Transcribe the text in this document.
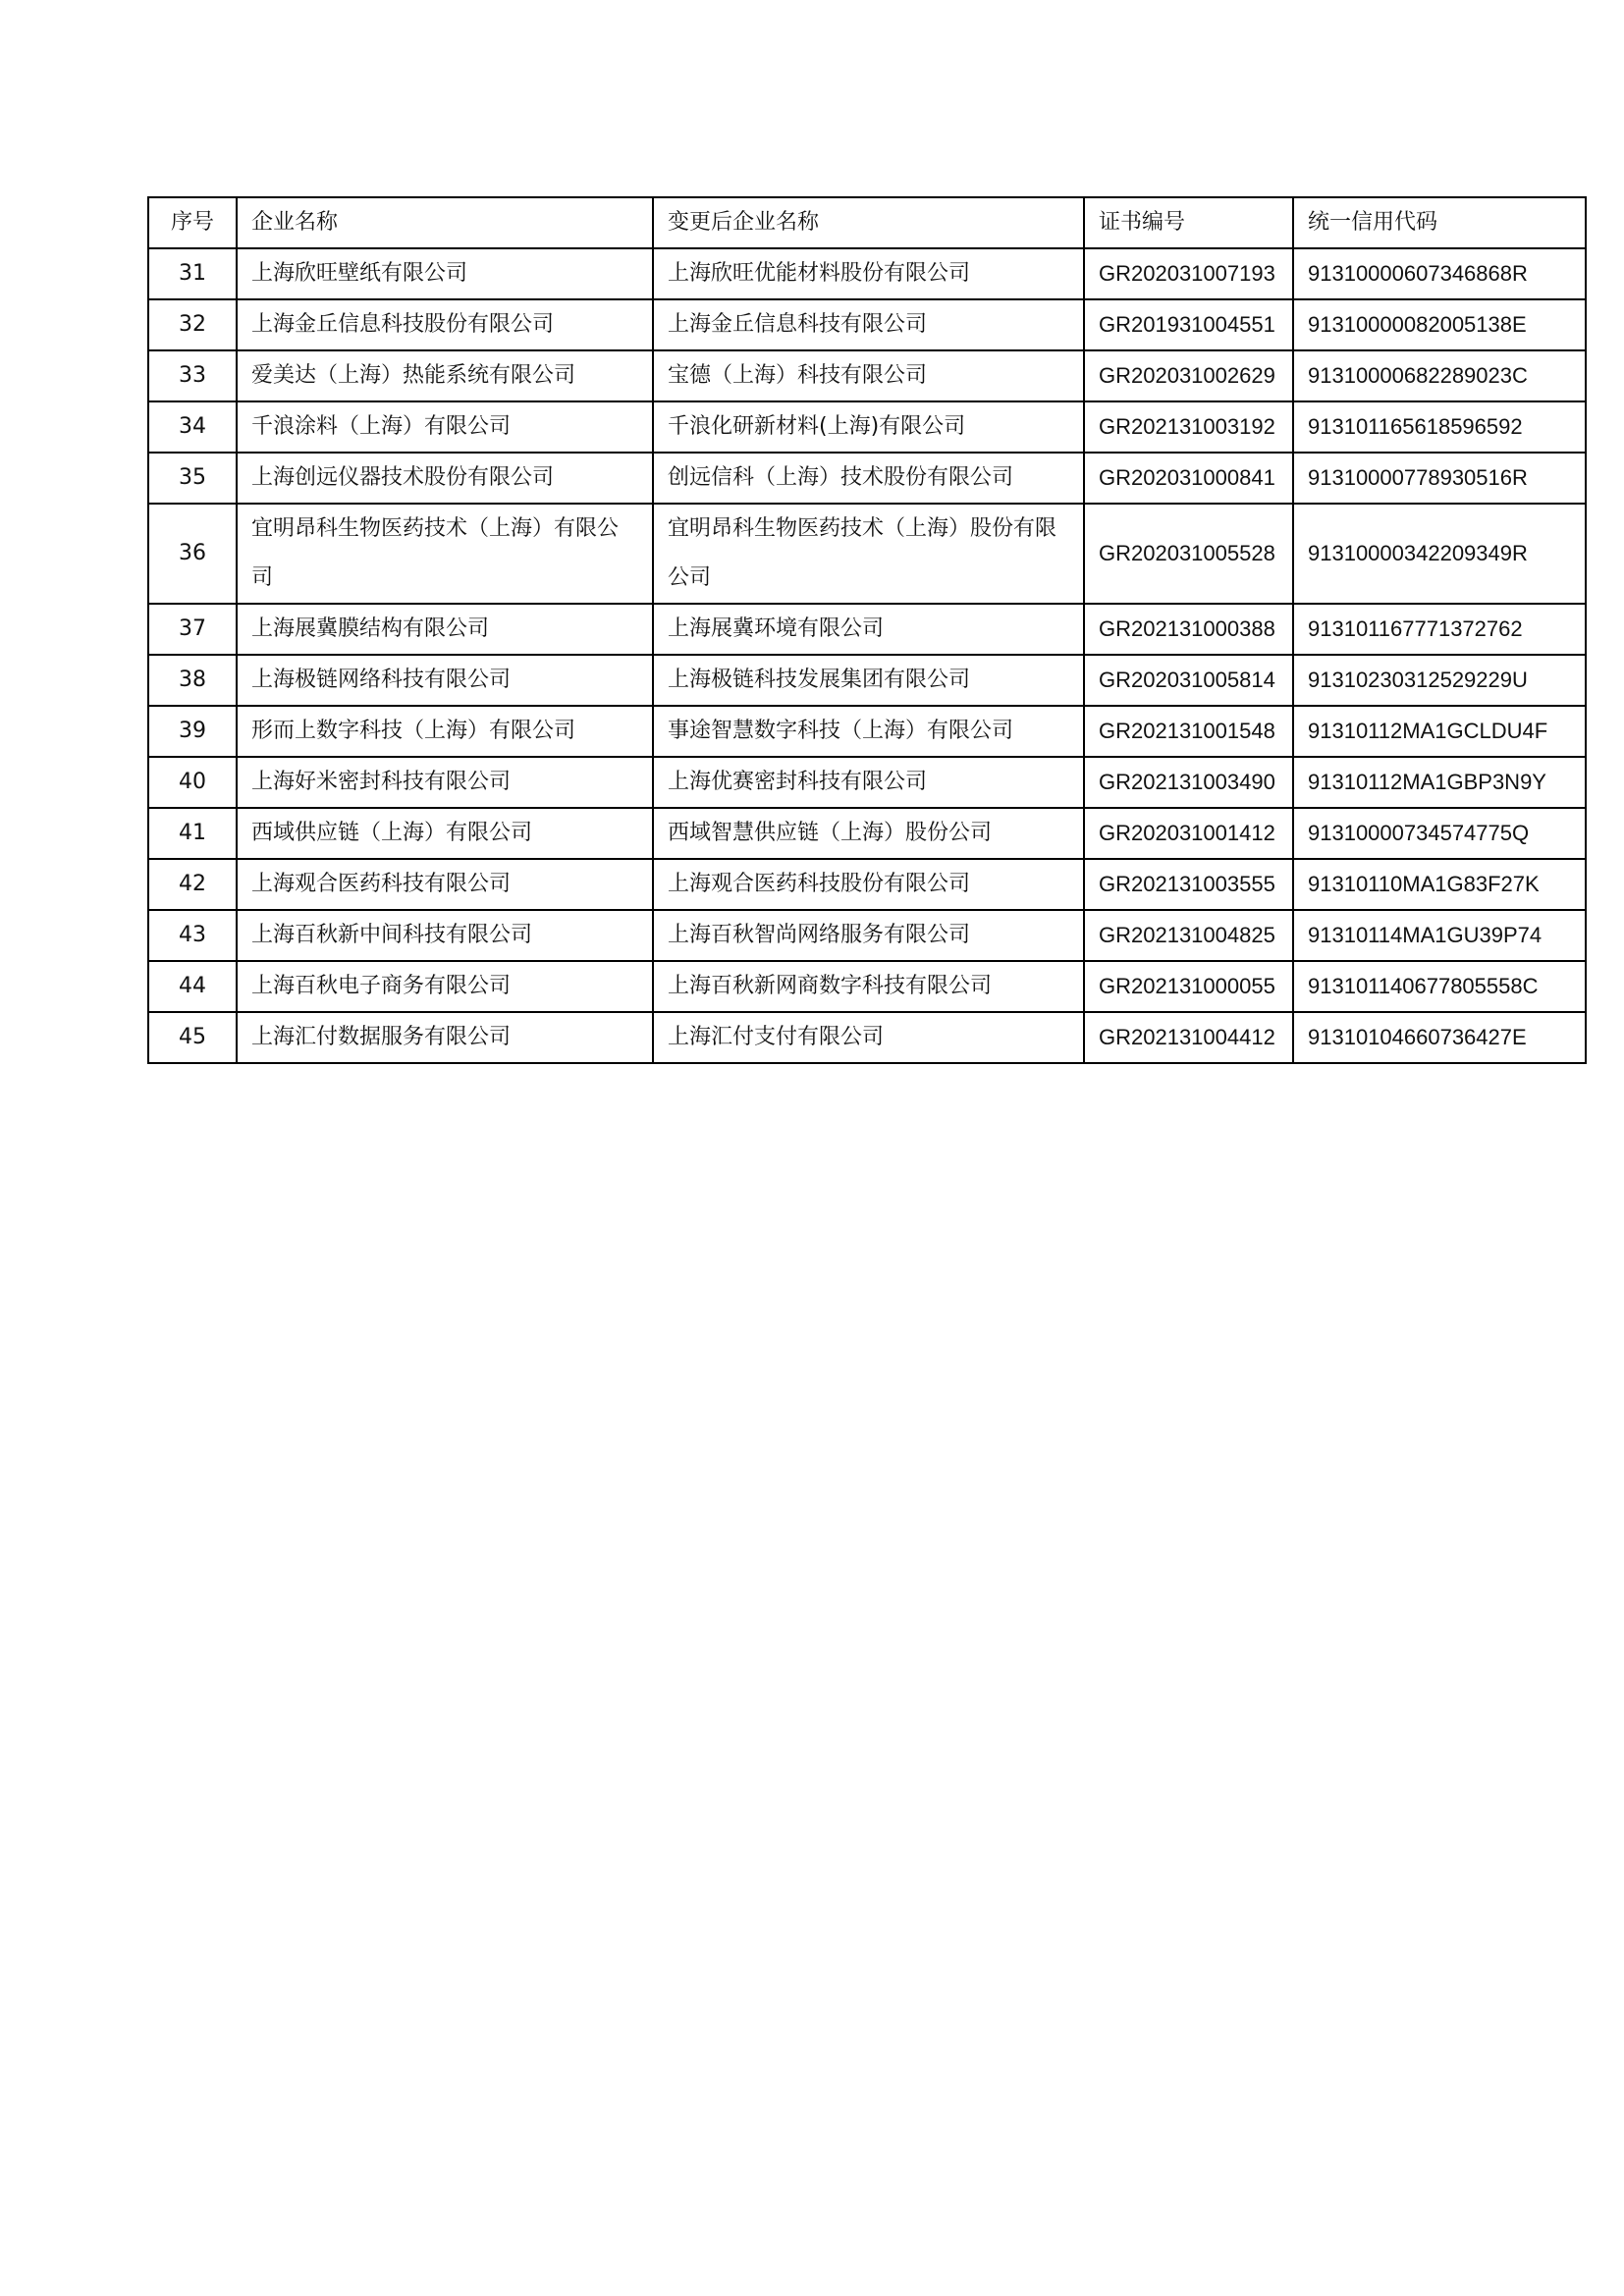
序号	企业名称	变更后企业名称	证书编号	统一信用代码
31	上海欣旺壁纸有限公司	上海欣旺优能材料股份有限公司	GR202031007193	91310000607346868R
32	上海金丘信息科技股份有限公司	上海金丘信息科技有限公司	GR201931004551	91310000082005138E
33	爱美达（上海）热能系统有限公司	宝德（上海）科技有限公司	GR202031002629	91310000682289023C
34	千浪涂料（上海）有限公司	千浪化研新材料(上海)有限公司	GR202131003192	913101165618596592
35	上海创远仪器技术股份有限公司	创远信科（上海）技术股份有限公司	GR202031000841	91310000778930516R
36	宜明昂科生物医药技术（上海）有限公司	宜明昂科生物医药技术（上海）股份有限公司	GR202031005528	91310000342209349R
37	上海展冀膜结构有限公司	上海展冀环境有限公司	GR202131000388	913101167771372762
38	上海极链网络科技有限公司	上海极链科技发展集团有限公司	GR202031005814	91310230312529229U
39	形而上数字科技（上海）有限公司	事途智慧数字科技（上海）有限公司	GR202131001548	91310112MA1GCLDU4F
40	上海好米密封科技有限公司	上海优赛密封科技有限公司	GR202131003490	91310112MA1GBP3N9Y
41	西域供应链（上海）有限公司	西域智慧供应链（上海）股份公司	GR202031001412	91310000734574775Q
42	上海观合医药科技有限公司	上海观合医药科技股份有限公司	GR202131003555	91310110MA1G83F27K
43	上海百秋新中间科技有限公司	上海百秋智尚网络服务有限公司	GR202131004825	91310114MA1GU39P74
44	上海百秋电子商务有限公司	上海百秋新网商数字科技有限公司	GR202131000055	913101140677805558C
45	上海汇付数据服务有限公司	上海汇付支付有限公司	GR202131004412	91310104660736427E
